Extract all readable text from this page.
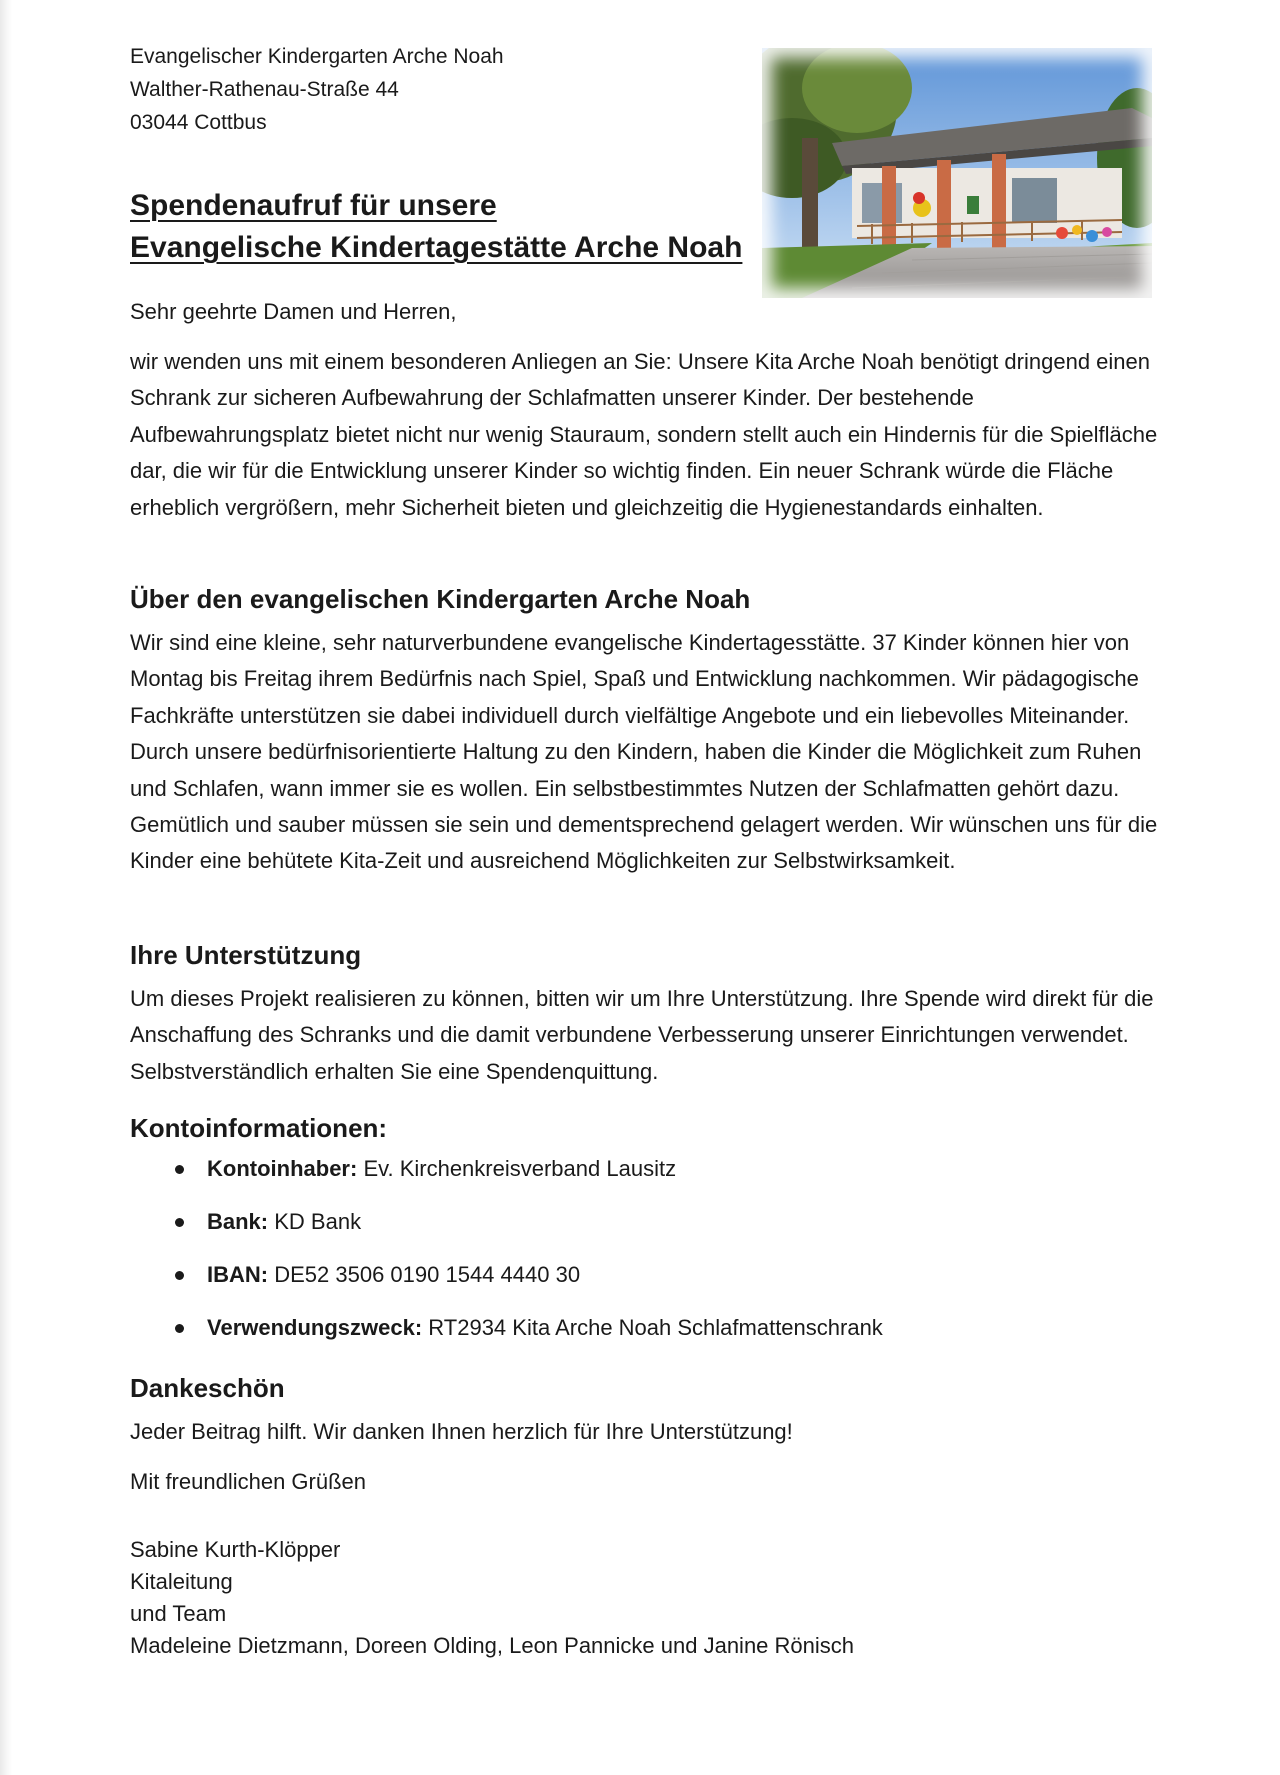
Evangelischer Kindergarten Arche Noah
Walther-Rathenau-Straße 44
03044 Cottbus
Spendenaufruf für unsere
Evangelische Kindertagestätte Arche Noah

Sehr geehrte Damen und Herren,

wir wenden uns mit einem besonderen Anliegen an Sie: Unsere Kita Arche Noah benötigt dringend einen Schrank zur sicheren Aufbewahrung der Schlafmatten unserer Kinder. Der bestehende Aufbewahrungsplatz bietet nicht nur wenig Stauraum, sondern stellt auch ein Hindernis für die Spielfläche dar, die wir für die Entwicklung unserer Kinder so wichtig finden. Ein neuer Schrank würde die Fläche erheblich vergrößern, mehr Sicherheit bieten und gleichzeitig die Hygienestandards einhalten.

Über den evangelischen Kindergarten Arche Noah

Wir sind eine kleine, sehr naturverbundene evangelische Kindertagesstätte. 37 Kinder können hier von Montag bis Freitag ihrem Bedürfnis nach Spiel, Spaß und Entwicklung nachkommen. Wir pädagogische Fachkräfte unterstützen sie dabei individuell durch vielfältige Angebote und ein liebevolles Miteinander. Durch unsere bedürfnisorientierte Haltung zu den Kindern, haben die Kinder die Möglichkeit zum Ruhen und Schlafen, wann immer sie es wollen. Ein selbstbestimmtes Nutzen der Schlafmatten gehört dazu. Gemütlich und sauber müssen sie sein und dementsprechend gelagert werden. Wir wünschen uns für die Kinder eine behütete Kita-Zeit und ausreichend Möglichkeiten zur Selbstwirksamkeit.

Ihre Unterstützung

Um dieses Projekt realisieren zu können, bitten wir um Ihre Unterstützung. Ihre Spende wird direkt für die Anschaffung des Schranks und die damit verbundene Verbesserung unserer Einrichtungen verwendet. Selbstverständlich erhalten Sie eine Spendenquittung.

Kontoinformationen:
Kontoinhaber: Ev. Kirchenkreisverband Lausitz
Bank: KD Bank
IBAN: DE52 3506 0190 1544 4440 30
Verwendungszweck: RT2934 Kita Arche Noah Schlafmattenschrank
Dankeschön
Jeder Beitrag hilft. Wir danken Ihnen herzlich für Ihre Unterstützung!
Mit freundlichen Grüßen
Sabine Kurth-Klöpper
Kitaleitung
und Team
Madeleine Dietzmann, Doreen Olding, Leon Pannicke und Janine Rönisch
